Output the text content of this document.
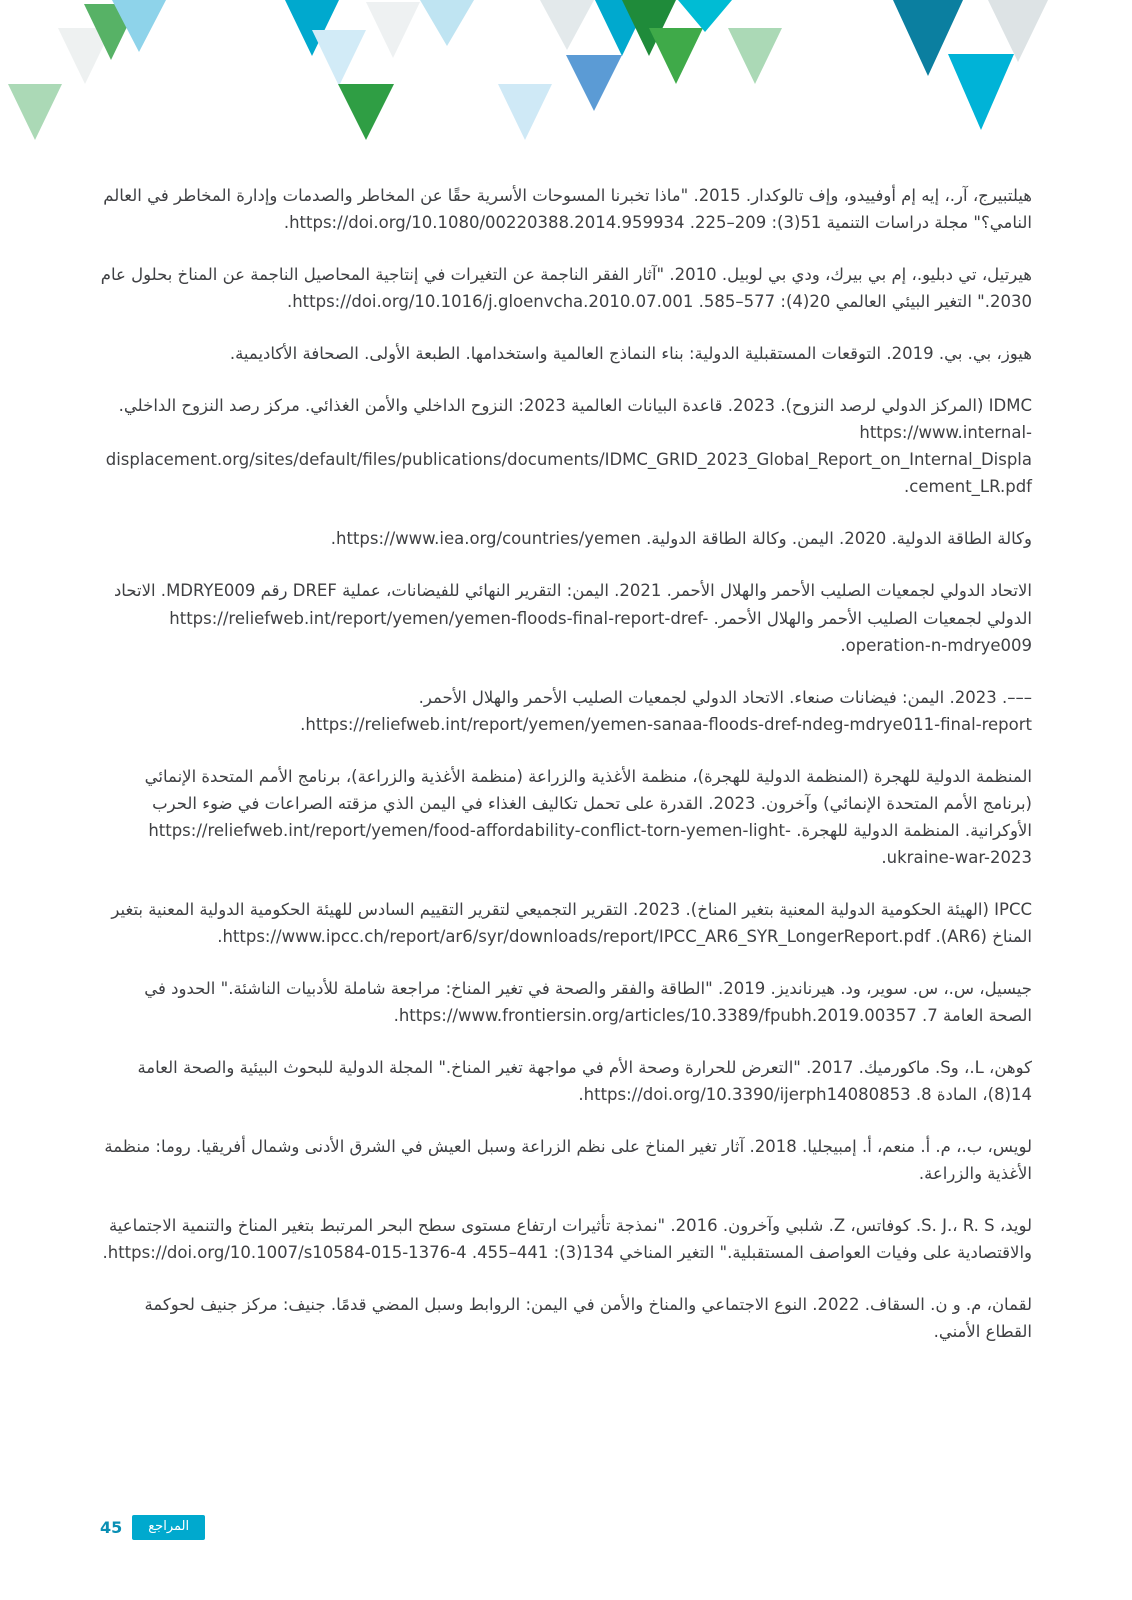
هيلتبيرج، آر.، إيه إم أوفييدو، وإف تالوكدار. 2015. "ماذا تخبرنا المسوحات الأسرية حقًا عن المخاطر والصدمات وإدارة المخاطر في العالم النامي؟" مجلة دراسات التنمية 51(3): 209–225. https://doi.org/10.1080/00220388.2014.959934.

هيرتيل، تي دبليو.، إم بي بيرك، ودي بي لوبيل. 2010. "آثار الفقر الناجمة عن التغيرات في إنتاجية المحاصيل الناجمة عن المناخ بحلول عام 2030." التغير البيئي العالمي 20(4): 577–585. https://doi.org/10.1016/j.gloenvcha.2010.07.001.

هيوز، بي. بي. 2019. التوقعات المستقبلية الدولية: بناء النماذج العالمية واستخدامها. الطبعة الأولى. الصحافة الأكاديمية.

IDMC (المركز الدولي لرصد النزوح). 2023. قاعدة البيانات العالمية 2023: النزوح الداخلي والأمن الغذائي. مركز رصد النزوح الداخلي. https://www.internal-displacement.org/sites/default/files/publications/documents/IDMC_GRID_2023_Global_Report_on_Internal_Displacement_LR.pdf.

وكالة الطاقة الدولية. 2020. اليمن. وكالة الطاقة الدولية. https://www.iea.org/countries/yemen.

الاتحاد الدولي لجمعيات الصليب الأحمر والهلال الأحمر. 2021. اليمن: التقرير النهائي للفيضانات، عملية DREF رقم MDRYE009. الاتحاد الدولي لجمعيات الصليب الأحمر والهلال الأحمر. https://reliefweb.int/report/yemen/yemen-floods-final-report-dref-operation-n-mdrye009.

–––. 2023. اليمن: فيضانات صنعاء. الاتحاد الدولي لجمعيات الصليب الأحمر والهلال الأحمر. https://reliefweb.int/report/yemen/yemen-sanaa-floods-dref-ndeg-mdrye011-final-report.

المنظمة الدولية للهجرة (المنظمة الدولية للهجرة)، منظمة الأغذية والزراعة (منظمة الأغذية والزراعة)، برنامج الأمم المتحدة الإنمائي (برنامج الأمم المتحدة الإنمائي) وآخرون. 2023. القدرة على تحمل تكاليف الغذاء في اليمن الذي مزقته الصراعات في ضوء الحرب الأوكرانية. المنظمة الدولية للهجرة. https://reliefweb.int/report/yemen/food-affordability-conflict-torn-yemen-light-ukraine-war-2023.

IPCC (الهيئة الحكومية الدولية المعنية بتغير المناخ). 2023. التقرير التجميعي لتقرير التقييم السادس للهيئة الحكومية الدولية المعنية بتغير المناخ (AR6). https://www.ipcc.ch/report/ar6/syr/downloads/report/IPCC_AR6_SYR_LongerReport.pdf.

جيسيل، س.، س. سوير، ود. هيرنانديز. 2019. "الطاقة والفقر والصحة في تغير المناخ: مراجعة شاملة للأدبيات الناشئة." الحدود في الصحة العامة 7. https://www.frontiersin.org/articles/10.3389/fpubh.2019.00357.

كوهن، L.، وS. ماكورميك. 2017. "التعرض للحرارة وصحة الأم في مواجهة تغير المناخ." المجلة الدولية للبحوث البيئية والصحة العامة 14(8)، المادة 8. https://doi.org/10.3390/ijerph14080853.

لويس، ب.، م. أ. منعم، أ. إمبيجليا. 2018. آثار تغير المناخ على نظم الزراعة وسبل العيش في الشرق الأدنى وشمال أفريقيا. روما: منظمة الأغذية والزراعة.

لويد، S. J.، R. S. كوفاتس، Z. شلبي وآخرون. 2016. "نمذجة تأثيرات ارتفاع مستوى سطح البحر المرتبط بتغير المناخ والتنمية الاجتماعية والاقتصادية على وفيات العواصف المستقبلية." التغير المناخي 134(3): 441–455. https://doi.org/10.1007/s10584-015-1376-4.

لقمان، م. و ن. السقاف. 2022. النوع الاجتماعي والمناخ والأمن في اليمن: الروابط وسبل المضي قدمًا. جنيف: مركز جنيف لحوكمة القطاع الأمني.

45	المراجع
